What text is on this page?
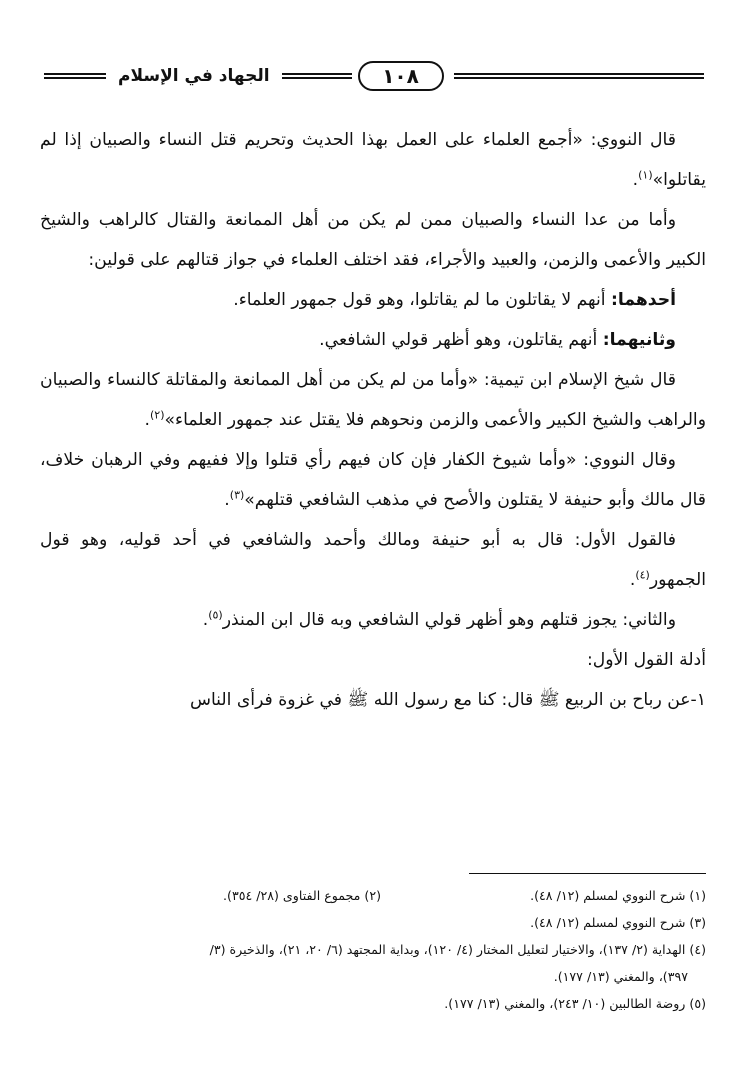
الجهاد في الإسلام	١٠٨

قال النووي: «أجمع العلماء على العمل بهذا الحديث وتحريم قتل النساء والصبيان إذا لم يقاتلوا»$^{(١)}$.

وأما من عدا النساء والصبيان ممن لم يكن من أهل الممانعة والقتال كالراهب والشيخ الكبير والأعمى والزمن، والعبيد والأجراء، فقد اختلف العلماء في جواز قتالهم على قولين:

أحدهما: أنهم لا يقاتلون ما لم يقاتلوا، وهو قول جمهور العلماء.

وثانيهما: أنهم يقاتلون، وهو أظهر قولي الشافعي.

قال شيخ الإسلام ابن تيمية: «وأما من لم يكن من أهل الممانعة والمقاتلة كالنساء والصبيان والراهب والشيخ الكبير والأعمى والزمن ونحوهم فلا يقتل عند جمهور العلماء»$^{(٢)}$.

وقال النووي: «وأما شيوخ الكفار فإن كان فيهم رأي قتلوا وإلا ففيهم وفي الرهبان خلاف، قال مالك وأبو حنيفة لا يقتلون والأصح في مذهب الشافعي قتلهم»$^{(٣)}$.

فالقول الأول: قال به أبو حنيفة ومالك وأحمد والشافعي في أحد قوليه، وهو قول الجمهور$^{(٤)}$.

والثاني: يجوز قتلهم وهو أظهر قولي الشافعي وبه قال ابن المنذر$^{(٥)}$.

أدلة القول الأول:

١-عن رباح بن الربيع ﷺ قال: كنا مع رسول الله ﷺ في غزوة فرأى الناس

(١) شرح النووي لمسلم (١٢/ ٤٨).
(٢) مجموع الفتاوى (٢٨/ ٣٥٤).
(٣) شرح النووي لمسلم (١٢/ ٤٨).
(٤) الهداية (٢/ ١٣٧)، والاختيار لتعليل المختار (٤/ ١٢٠)، وبداية المجتهد (٦/ ٢٠، ٢١)، والذخيرة (٣/
٣٩٧)، والمغني (١٣/ ١٧٧).
(٥) روضة الطالبين (١٠/ ٢٤٣)، والمغني (١٣/ ١٧٧).
